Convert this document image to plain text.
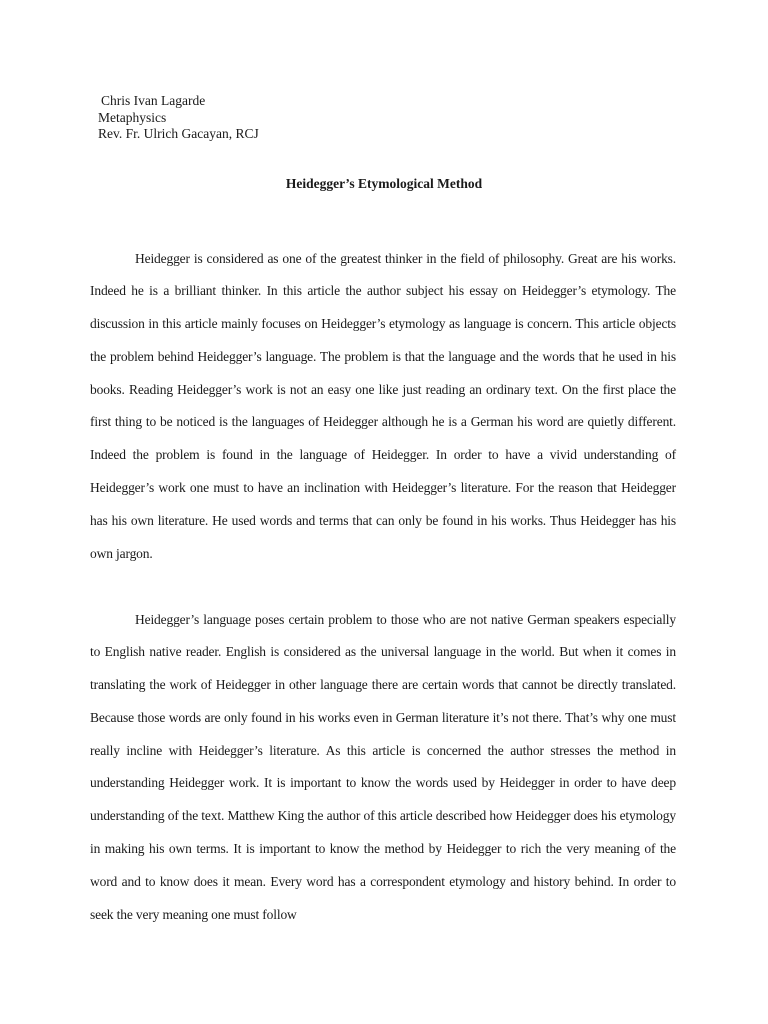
Chris Ivan Lagarde
Metaphysics
Rev. Fr. Ulrich Gacayan, RCJ
Heidegger’s Etymological Method

Heidegger is considered as one of the greatest thinker in the field of philosophy. Great are his works. Indeed he is a brilliant thinker. In this article the author subject his essay on Heidegger’s etymology. The discussion in this article mainly focuses on Heidegger’s etymology as language is concern. This article objects the problem behind Heidegger’s language. The problem is that the language and the words that he used in his books. Reading Heidegger’s work is not an easy one like just reading an ordinary text. On the first place the first thing to be noticed is the languages of Heidegger although he is a German his word are quietly different. Indeed the problem is found in the language of Heidegger. In order to have a vivid understanding of Heidegger’s work one must to have an inclination with Heidegger’s literature. For the reason that Heidegger has his own literature. He used words and terms that can only be found in his works. Thus Heidegger has his own jargon.

Heidegger’s language poses certain problem to those who are not native German speakers especially to English native reader. English is considered as the universal language in the world. But when it comes in translating the work of Heidegger in other language there are certain words that cannot be directly translated. Because those words are only found in his works even in German literature it’s not there. That’s why one must really incline with Heidegger’s literature. As this article is concerned the author stresses the method in understanding Heidegger work. It is important to know the words used by Heidegger in order to have deep understanding of the text. Matthew King the author of this article described how Heidegger does his etymology in making his own terms. It is important to know the method by Heidegger to rich the very meaning of the word and to know does it mean. Every word has a correspondent etymology and history behind. In order to seek the very meaning one must follow
